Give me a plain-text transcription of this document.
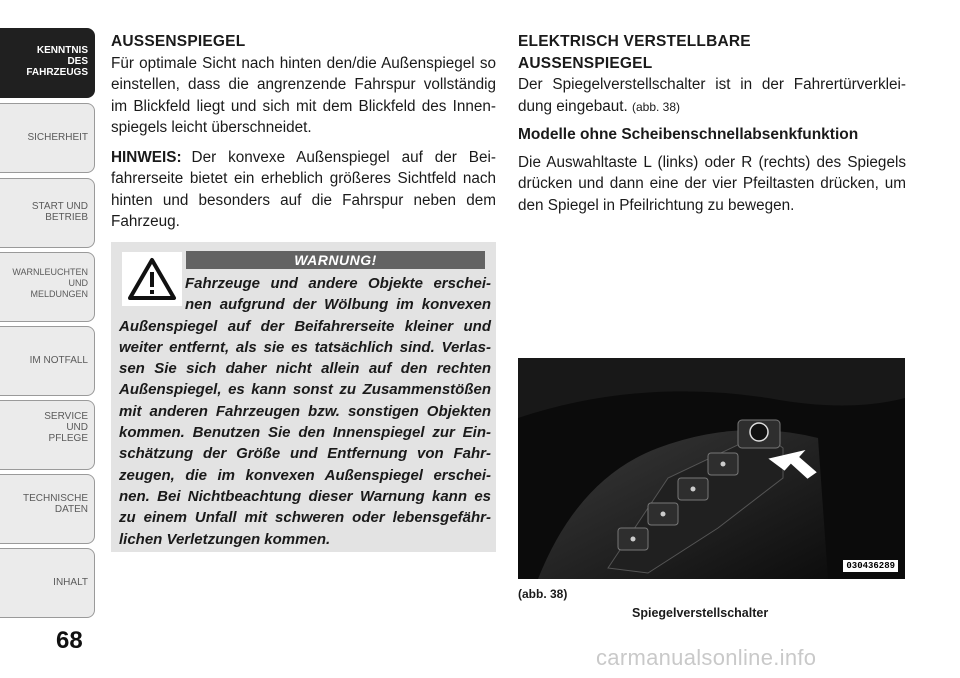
KENNTNIS
DES
FAHRZEUGS
SICHERHEIT
START UND
BETRIEB
WARNLEUCHTEN
UND
MELDUNGEN
IM NOTFALL
SERVICE
UND
PFLEGE
TECHNISCHE
DATEN
INHALT
68
AUSSENSPIEGEL

Für optimale Sicht nach hinten den/die Außenspiegel so einstellen, dass die angrenzende Fahrspur vollständig im Blickfeld liegt und sich mit dem Blickfeld des Innen- spiegels leicht überschneidet.

HINWEIS: Der konvexe Außenspiegel auf der Bei- fahrerseite bietet ein erheblich größeres Sichtfeld nach hinten und besonders auf die Fahrspur neben dem Fahrzeug.

WARNUNG!
Fahrzeuge und andere Objekte erschei- nen aufgrund der Wölbung im konvexen Außenspiegel auf der Beifahrerseite kleiner und weiter entfernt, als sie es tatsächlich sind. Verlas- sen Sie sich daher nicht allein auf den rechten Außenspiegel, es kann sonst zu Zusammenstößen mit anderen Fahrzeugen bzw. sonstigen Objekten kommen. Benutzen Sie den Innenspiegel zur Ein- schätzung der Größe und Entfernung von Fahr- zeugen, die im konvexen Außenspiegel erschei- nen. Bei Nichtbeachtung dieser Warnung kann es zu einem Unfall mit schweren oder lebensgefähr- lichen Verletzungen kommen.
ELEKTRISCH VERSTELLBARE
AUSSENSPIEGEL

Der Spiegelverstellschalter ist in der Fahrertürverklei- dung eingebaut. (abb. 38)

Modelle ohne Scheibenschnellabsenkfunktion

Die Auswahltaste L (links) oder R (rechts) des Spiegels drücken und dann eine der vier Pfeiltasten drücken, um den Spiegel in Pfeilrichtung zu bewegen.

030436289
(abb. 38)
Spiegelverstellschalter
carmanualsonline.info
